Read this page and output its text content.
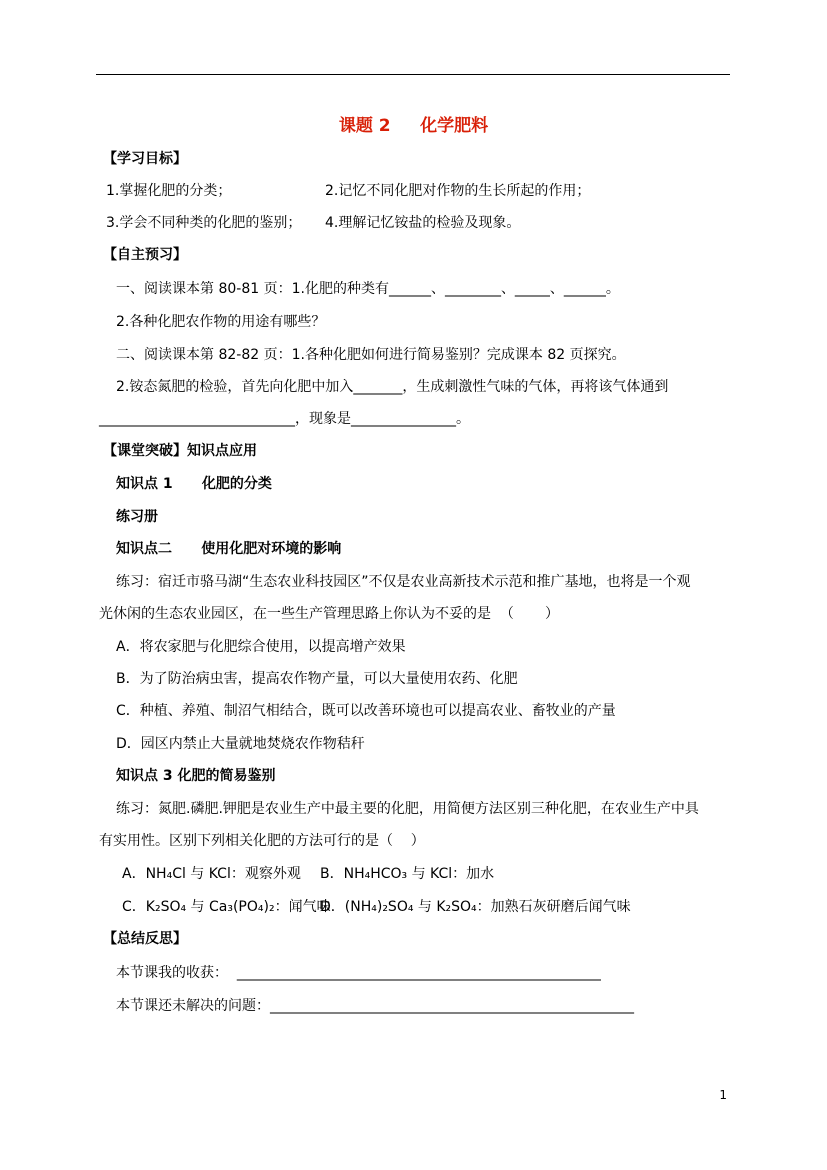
课题 2     化学肥料
【学习目标】
1.掌握化肥的分类；	2.记忆不同化肥对作物的生长所起的作用；
3.学会不同种类的化肥的鉴别； 4.理解记忆铵盐的检验及现象。
【自主预习】
一、阅读课本第 80-81 页：1.化肥的种类有______、________、_____、______。
2.各种化肥农作物的用途有哪些？
二、阅读课本第 82-82 页：1.各种化肥如何进行简易鉴别？完成课本 82 页探究。
2.铵态氮肥的检验，首先向化肥中加入_______，生成刺激性气味的气体，再将该气体通到
____________________________，现象是_______________。
【课堂突破】知识点应用
知识点 1      化肥的分类
练习册
知识点二      使用化肥对环境的影响
练习：宿迁市骆马湖“生态农业科技园区”不仅是农业高新技术示范和推广基地，也将是一个观
光休闲的生态农业园区，在一些生产管理思路上你认为不妥的是  （       ）
A．将农家肥与化肥综合使用，以提高增产效果
B．为了防治病虫害，提高农作物产量，可以大量使用农药、化肥
C．种植、养殖、制沼气相结合，既可以改善环境也可以提高农业、畜牧业的产量
D．园区内禁止大量就地焚烧农作物秸秆
知识点 3 化肥的简易鉴别
练习：氮肥.磷肥.钾肥是农业生产中最主要的化肥，用简便方法区别三种化肥，在农业生产中具
有实用性。区别下列相关化肥的方法可行的是（    ）
A．NH₄Cl 与 KCl：观察外观 B．NH₄HCO₃ 与 KCl：加水
C．K₂SO₄ 与 Ca₃(PO₄)₂：闻气味
D．(NH₄)₂SO₄ 与 K₂SO₄：加熟石灰研磨后闻气味
【总结反思】
本节课我的收获：  ____________________________________________________
本节课还未解决的问题：____________________________________________________
1
